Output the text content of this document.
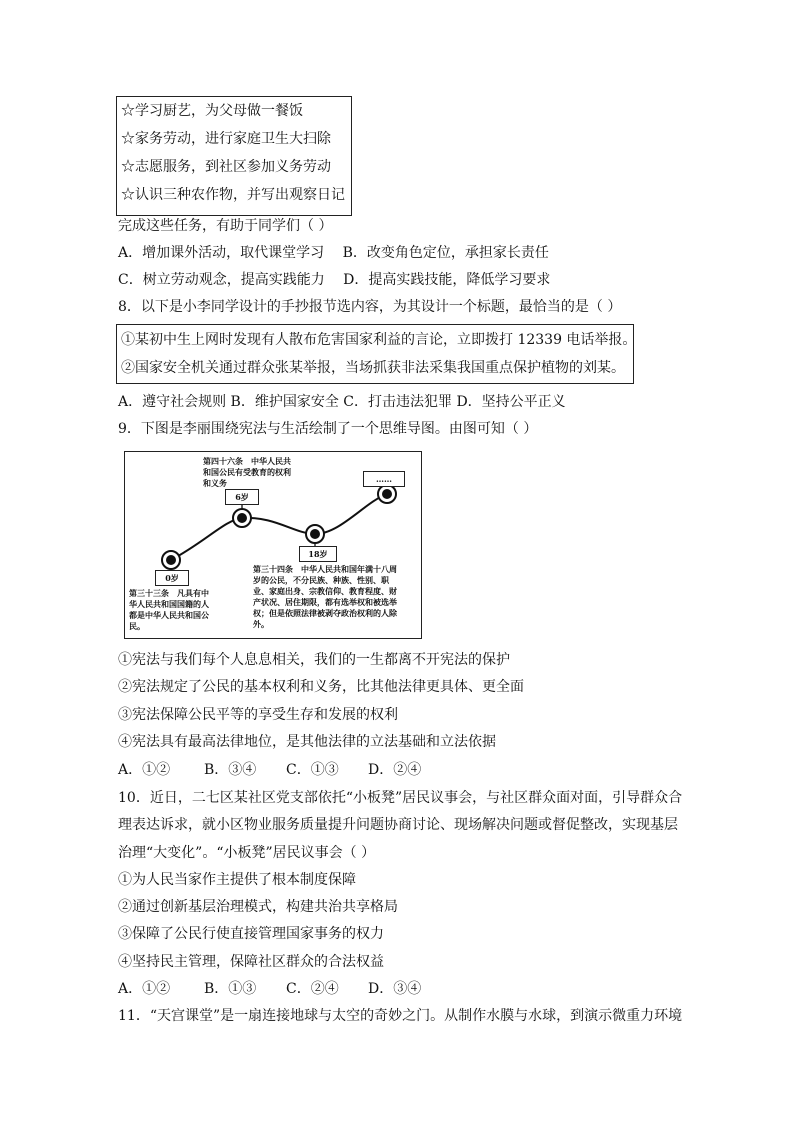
☆学习厨艺，为父母做一餐饭
☆家务劳动，进行家庭卫生大扫除
☆志愿服务，到社区参加义务劳动
☆认识三种农作物，并写出观察日记
完成这些任务，有助于同学们（ ）
A．增加课外活动，取代课堂学习 B．改变角色定位，承担家长责任
C．树立劳动观念，提高实践能力 D．提高实践技能，降低学习要求
8．以下是小李同学设计的手抄报节选内容，为其设计一个标题，最恰当的是（ ）
①某初中生上网时发现有人散布危害国家利益的言论，立即拨打 12339 电话举报。
②国家安全机关通过群众张某举报，当场抓获非法采集我国重点保护植物的刘某。
A．遵守社会规则 B．维护国家安全 C．打击违法犯罪 D．坚持公平正义
9．下图是李丽围绕宪法与生活绘制了一个思维导图。由图可知（ ）
第四十六条　中华人民共和国公民有受教育的权利和义务
6岁
……
18岁
0岁
第三十三条　凡具有中华人民共和国国籍的人都是中华人民共和国公民。
第三十四条　中华人民共和国年满十八周岁的公民，不分民族、种族、性别、职业、家庭出身、宗教信仰、教育程度、财产状况、居住期限，都有选举权和被选举权；但是依照法律被剥夺政治权利的人除外。
①宪法与我们每个人息息相关，我们的一生都离不开宪法的保护
②宪法规定了公民的基本权利和义务，比其他法律更具体、更全面
③宪法保障公民平等的享受生存和发展的权利
④宪法具有最高法律地位，是其他法律的立法基础和立法依据
A．①② B．③④ C．①③ D．②④
10．近日，二七区某社区党支部依托“小板凳”居民议事会，与社区群众面对面，引导群众合
理表达诉求，就小区物业服务质量提升问题协商讨论、现场解决问题或督促整改，实现基层
治理“大变化”。“小板凳”居民议事会（ ）
①为人民当家作主提供了根本制度保障
②通过创新基层治理模式，构建共治共享格局
③保障了公民行使直接管理国家事务的权力
④坚持民主管理，保障社区群众的合法权益
A．①② B．①③ C．②④ D．③④
11．“天宫课堂”是一扇连接地球与太空的奇妙之门。从制作水膜与水球，到演示微重力环境
